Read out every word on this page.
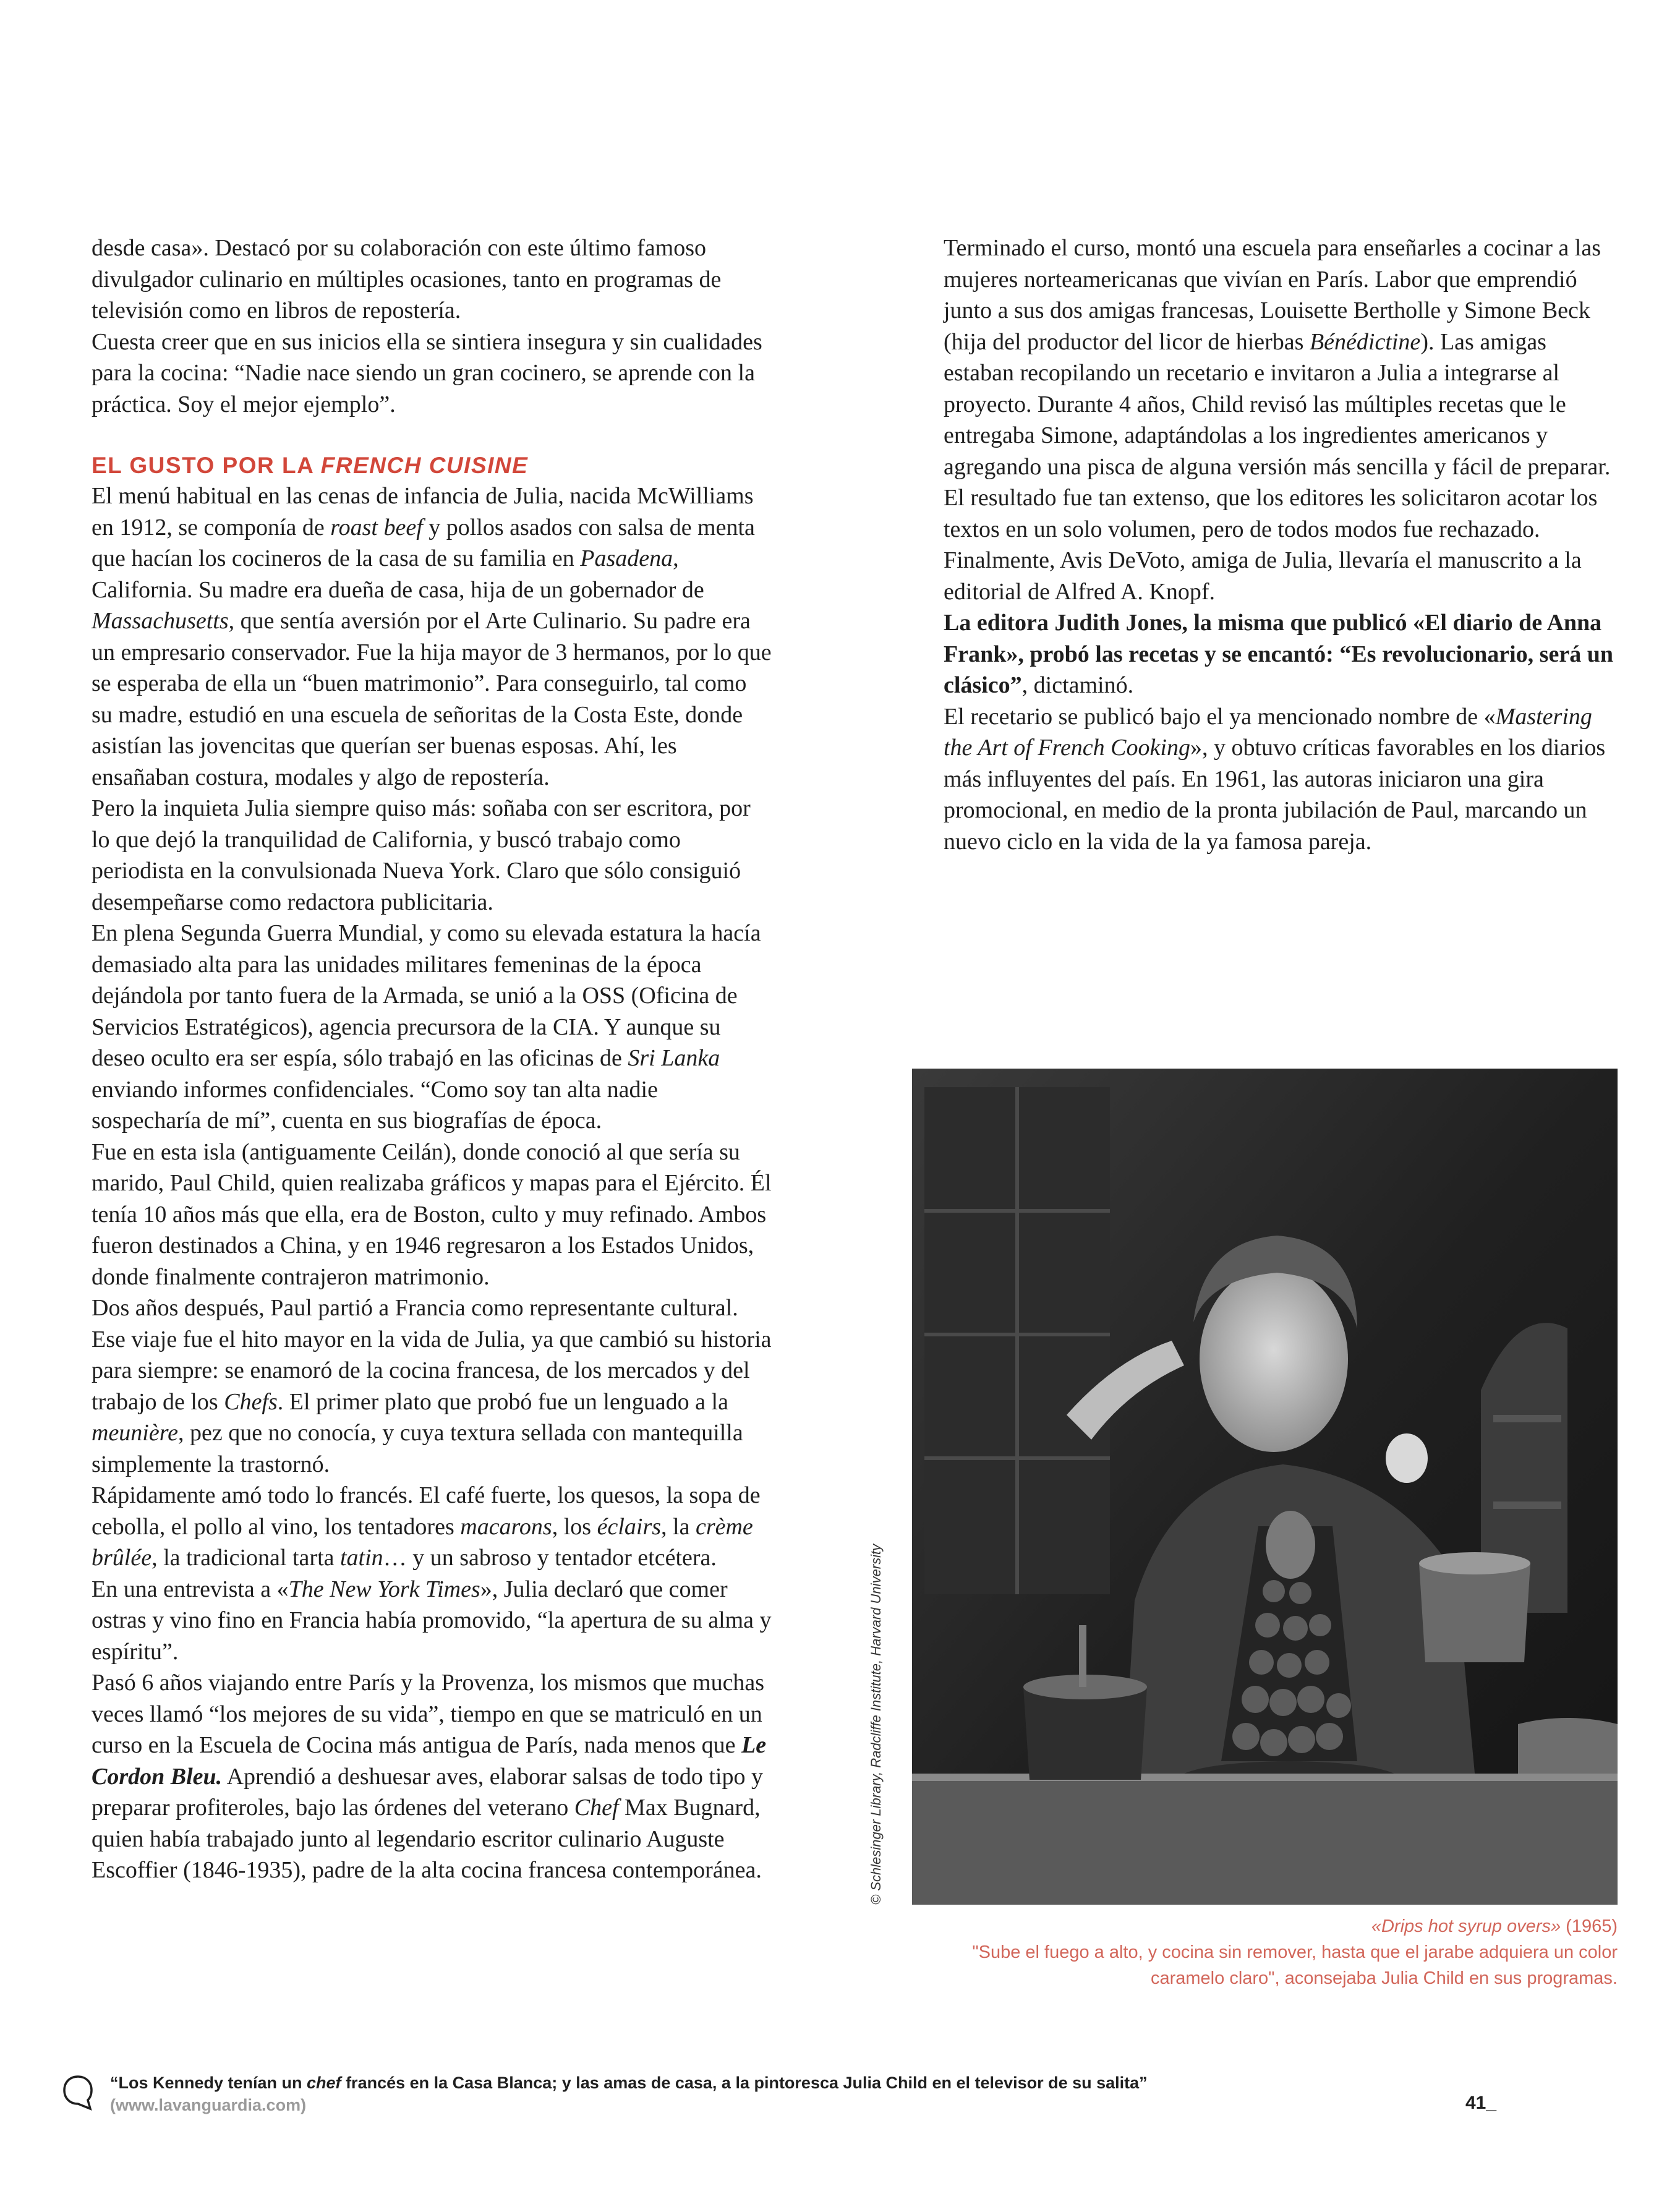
desde casa». Destacó por su colaboración con este último famoso divulgador culinario en múltiples ocasiones, tanto en programas de televisión como en libros de repostería.

Cuesta creer que en sus inicios ella se sintiera insegura y sin cualidades para la cocina: “Nadie nace siendo un gran cocinero, se aprende con la práctica. Soy el mejor ejemplo”.

EL GUSTO POR LA FRENCH CUISINE

El menú habitual en las cenas de infancia de Julia, nacida McWilliams en 1912, se componía de roast beef y pollos asados con salsa de menta que hacían los cocineros de la casa de su familia en Pasadena, California. Su madre era dueña de casa, hija de un gobernador de Massachusetts, que sentía aversión por el Arte Culinario. Su padre era un empresario conservador. Fue la hija mayor de 3 hermanos, por lo que se esperaba de ella un “buen matrimonio”. Para conseguirlo, tal como su madre, estudió en una escuela de señoritas de la Costa Este, donde asistían las jovencitas que querían ser buenas esposas. Ahí, les ensañaban costura, modales y algo de repostería.

Pero la inquieta Julia siempre quiso más: soñaba con ser escritora, por lo que dejó la tranquilidad de California, y buscó trabajo como periodista en la convulsionada Nueva York. Claro que sólo consiguió desempeñarse como redactora publicitaria.

En plena Segunda Guerra Mundial, y como su elevada estatura la hacía demasiado alta para las unidades militares femeninas de la época dejándola por tanto fuera de la Armada, se unió a la OSS (Oficina de Servicios Estratégicos), agencia precursora de la CIA. Y aunque su deseo oculto era ser espía, sólo trabajó en las oficinas de Sri Lanka enviando informes confidenciales. “Como soy tan alta nadie sospecharía de mí”, cuenta en sus biografías de época.

Fue en esta isla (antiguamente Ceilán), donde conoció al que sería su marido, Paul Child, quien realizaba gráficos y mapas para el Ejército. Él tenía 10 años más que ella, era de Boston, culto y muy refinado. Ambos fueron destinados a China, y en 1946 regresaron a los Estados Unidos, donde finalmente contrajeron matrimonio.

Dos años después, Paul partió a Francia como representante cultural. Ese viaje fue el hito mayor en la vida de Julia, ya que cambió su historia para siempre: se enamoró de la cocina francesa, de los mercados y del trabajo de los Chefs. El primer plato que probó fue un lenguado a la meunière, pez que no conocía, y cuya textura sellada con mantequilla simplemente la trastornó.

Rápidamente amó todo lo francés. El café fuerte, los quesos, la sopa de cebolla, el pollo al vino, los tentadores macarons, los éclairs, la crème brûlée, la tradicional tarta tatin… y un sabroso y tentador etcétera.

En una entrevista a «The New York Times», Julia declaró que comer ostras y vino fino en Francia había promovido, “la apertura de su alma y espíritu”.

Pasó 6 años viajando entre París y la Provenza, los mismos que muchas veces llamó “los mejores de su vida”, tiempo en que se matriculó en un curso en la Escuela de Cocina más antigua de París, nada menos que Le Cordon Bleu. Aprendió a deshuesar aves, elaborar salsas de todo tipo y preparar profiteroles, bajo las órdenes del veterano Chef Max Bugnard, quien había trabajado junto al legendario escritor culinario Auguste Escoffier (1846-1935), padre de la alta cocina francesa contemporánea.

Terminado el curso, montó una escuela para enseñarles a cocinar a las mujeres norteamericanas que vivían en París. Labor que emprendió junto a sus dos amigas francesas, Louisette Bertholle y Simone Beck (hija del productor del licor de hierbas Bénédictine). Las amigas estaban recopilando un recetario e invitaron a Julia a integrarse al proyecto. Durante 4 años, Child revisó las múltiples recetas que le entregaba Simone, adaptándolas a los ingredientes americanos y agregando una pisca de alguna versión más sencilla y fácil de preparar.

El resultado fue tan extenso, que los editores les solicitaron acotar los textos en un solo volumen, pero de todos modos fue rechazado. Finalmente, Avis DeVoto, amiga de Julia, llevaría el manuscrito a la editorial de Alfred A. Knopf.

La editora Judith Jones, la misma que publicó «El diario de Anna Frank», probó las recetas y se encantó: “Es revolucionario, será un clásico”, dictaminó.

El recetario se publicó bajo el ya mencionado nombre de «Mastering the Art of French Cooking», y obtuvo críticas favorables en los diarios más influyentes del país. En 1961, las autoras iniciaron una gira promocional, en medio de la pronta jubilación de Paul, marcando un nuevo ciclo en la vida de la ya famosa pareja.

© Schlesinger Library, Radcliffe Institute, Harvard University
«Drips hot syrup overs» (1965)
"Sube el fuego a alto, y cocina sin remover, hasta que el jarabe adquiera un color
caramelo claro", aconsejaba Julia Child en sus programas.
“Los Kennedy tenían un chef francés en la Casa Blanca; y las amas de casa, a la pintoresca Julia Child en el televisor de su salita”
(www.lavanguardia.com)	41_
